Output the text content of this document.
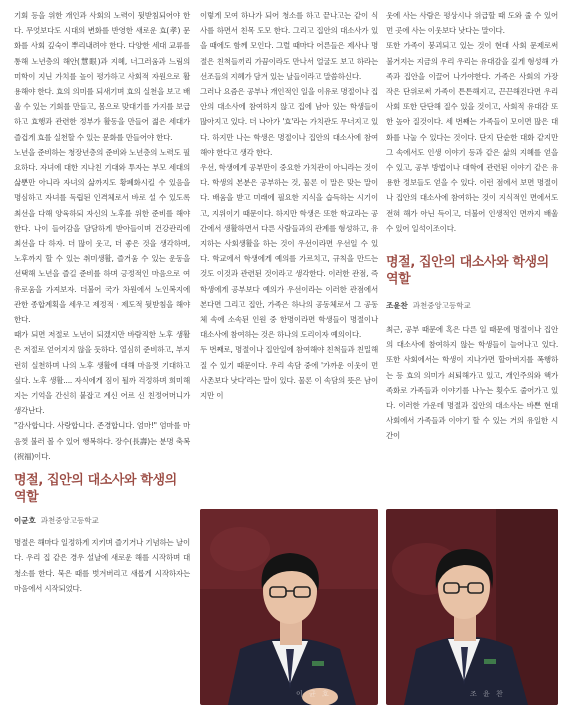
기회 등을 위한 개인과 사회의 노력이 뒷받침되어야 한다. 무엇보다도 시대의 변화를 반영한 새로운 효(孝) 문화를 사회 깊숙이 뿌리내려야 한다. 다양한 세대 교류를 통해 노년층의 해안(慧眼)과 지혜, 너그러움과 느림의 미학이 지닌 가치를 높이 평가하고 사회적 자원으로 활용해야 한다. 효의 의미를 되새기며 효의 실천을 보고 배울 수 있는 기회를 만들고, 몸으로 맞대기를 가지를 보급하고 효행과 관련한 정부가 활동을 만들어 젊은 세대가 즐겁게 효를 실천할 수 있는 문화를 만들어야 한다.

노년을 준비하는 청장년층의 준비와 노년층의 노력도 필요하다. 자녀에 대한 지나친 기대와 투자는 부모 세대의 삶뿐만 아니라 자녀의 삶까지도 황폐화시킬 수 있음을 명심하고 자녀를 독립된 인격체로서 바로 설 수 있도록 최선을 다해 양육하되 자신의 노후를 위한 준비를 해야 한다. 나이 들어감을 담담하게 받아들이며 건강관리에 최선을 다 하자. 더 많이 웃고, 더 좋은 것을 생각하며, 노후까지 할 수 있는 취미생활, 즐거움 수 있는 운동을 선택해 노년을 즐길 준비를 하며 긍정적인 마음으로 여유로움을 가져보자. 더불어 국가 차원에서 노인복지에 관한 종합계획을 세우고 제정적 · 제도적 뒷받침을 해야 한다.

때가 되면 저절로 노년이 되겠지만 바람직한 노후 생활은 저절로 얻어지지 않을 듯하다. 열심히 준비하고, 부지런히 실천하며 나의 노후 생활에 대해 마음껏 기대하고 싶다. 노후 생활.... 자식에게 짐이 될까 걱정하며 희미해지는 기억을 간신히 붙잡고 계신 어르 신 친정어머니가 생각난다.

"감사합니다. 사랑합니다. 존경합니다. 엄마!" 엄마를 마음껏 불러 볼 수 있어 행복하다. 장수(長壽)는 분명 축복(祝福)이다.

명절, 집안의 대소사와 학생의 역할

이균호 과천중앙고등학교

명절은 해마다 일정하게 지키며 즐기거나 기념하는 날이다. 우리 집 같은 경우 설날에 새로운 해를 시작하며 대청소를 한다. 묵은 때를 벗겨버리고 새롭게 시작하자는 마음에서 시작되었다.

이렇게 모여 하나가 되어 청소를 하고 끝나고는 같이 식사를 하면서 친목 도모 한다. 그리고 집안의 대소사가 있을 때에도 함께 모인다. 그럴 때마다 어른들은 제사나 명절은 친척들끼리 가끔이라도 만나서 얼굴도 보고 하라는 선조들의 지혜가 담겨 있는 날들이라고 말씀하신다.

그러나 요즘은 공부나 개인적인 일을 이유로 명절이나 집안의 대소사에 참여하지 않고 집에 남아 있는 학생들이 많아지고 있다. 더 나아가 '효'라는 가치관도 무너지고 있다. 하지만 나는 학생은 명절이나 집안의 대소사에 참여해야 한다고 생각 한다.

우선, 학생에게 공부만이 중요한 가치관이 아니라는 것이다. 학생의 본분은 공부하는 것, 물론 이 말은 맞는 말이다. 배움을 받고 미래에 필요한 지식을 습득하는 시기이고, 지위이기 때문이다. 하지만 학생은 또한 학교라는 공간에서 생활하면서 다른 사람들과의 관계를 형성하고, 유지하는 사회생활을 하는 것이 우선이라면 우선일 수 있다. 학교에서 학생에게 예의를 가르치고, 규칙을 만드는 것도 이것과 관련된 것이라고 생각한다. 이러한 관점, 즉 학생에게 공부보다 예의가 우선이라는 이러한 관점에서 본다면 그리고 집안, 가족은 하나의 공동체로서 그 공동체 속에 소속된 인원 중 한명이라면 학생들이 명절이나 대소사에 참여하는 것은 하나의 도리이자 예의이다.

두 번째로, 명절이나 집안일에 참여해야 친척들과 친밀해질 수 있기 때문이다. 우리 속담 중에 '가까운 이웃이 먼 사촌보다 낫다'라는 말이 있다. 물론 이 속담의 뜻은 남이지만 이

웃에 사는 사람은 평상시나 위급할 때 도와 줄 수 있어 먼 곳에 사는 이웃보다 낫다는 말이다.

또한 가족이 붕괴되고 있는 것이 현대 사회 문제로써 불거지는 지금의 우리 우리는 유대감을 깊게 형성해 가족과 집안을 이끌어 나가야한다. 가족은 사회의 가장 작은 단위로써 가족이 튼튼해지고, 끈끈해진다면 우리 사회 또한 단단해 질수 있을 것이고, 사회적 유대감 또한 높아 질것이다. 세 번째는 가족들이 모이면 많은 대화를 나눌 수 있다는 것이다. 단지 단순한 대화 같지만 그 속에서도 인생 이야기 등과 같은 삶의 지혜를 얻을 수 있고, 공부 방법이나 대학에 관련된 이야기 같은 유용한 정보들도 얻을 수 있다. 이런 점에서 보면 명절이나 집안의 대소사에 참여하는 것이 지식적인 면에서도 전혀 해가 아닌 득이고, 더불어 인생적인 면까지 배울 수 있어 일석이조이다.

명절, 집안의 대소사와 학생의 역할

조윤찬 과천중앙고등학교

최근, 공부 때문에 혹은 다른 일 때문에 명절이나 집안의 대소사에 참여하지 않는 학생들이 늘어나고 있다. 또한 사회에서는 학생이 지나가면 할아버지를 폭행하는 등 효의 의미가 쇠퇴해가고 있고, 개인주의와 핵가족화로 가족들과 이야기를 나누는 횟수도 줄어가고 있다. 이러한 가운데 명절과 집안의 대소사는 바쁜 현대 사회에서 가족들과 이야기 할 수 있는 거의 유일한 시간이

이 균 호	조 윤 찬
